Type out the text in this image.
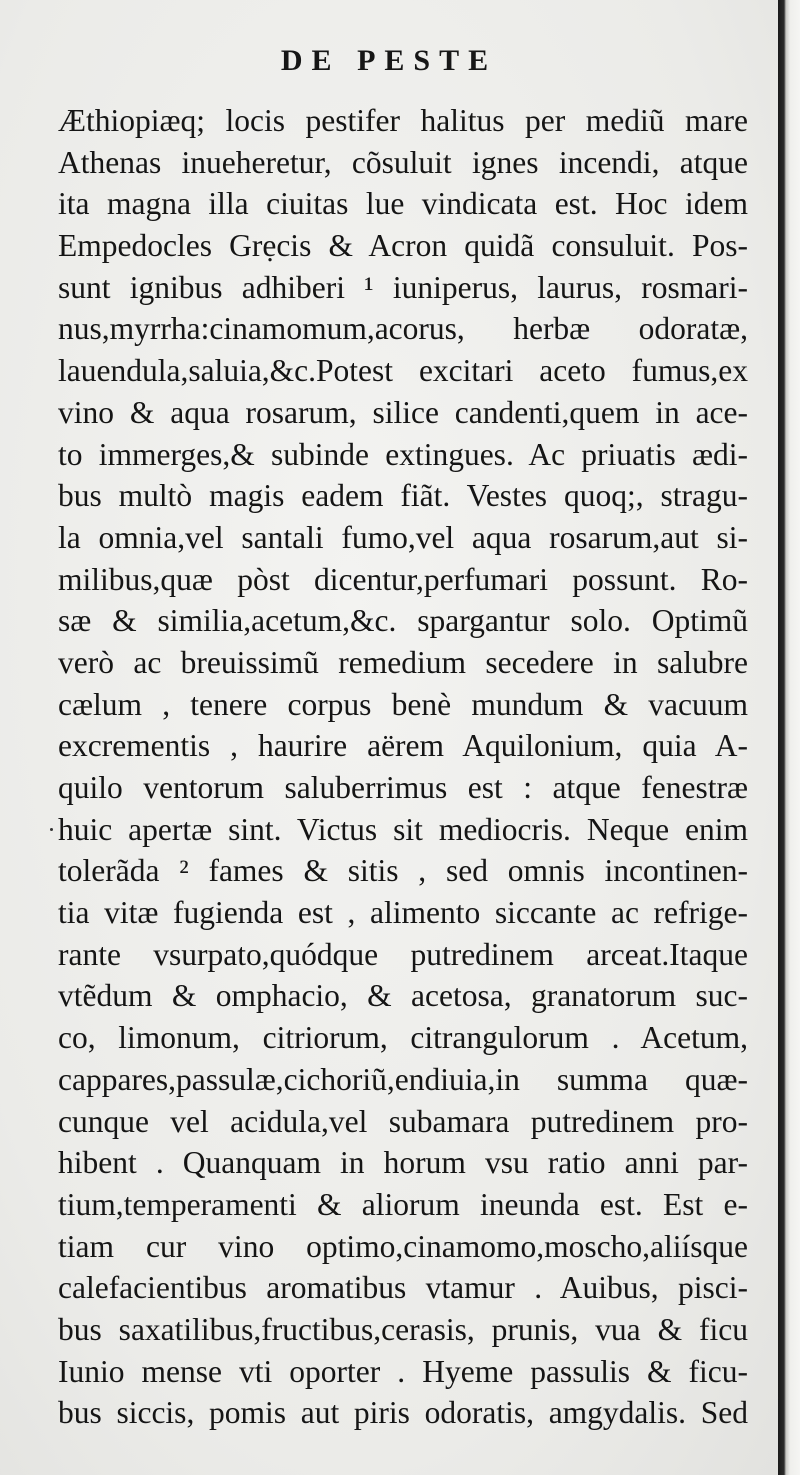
DE PESTE
Æthiopiæq; locis pestifer halitus per mediũ mare
Athenas inueheretur, cõsuluit ignes incendi, atque
ita magna illa ciuitas lue vindicata est. Hoc idem
Empedocles Grẹcis & Acron quidã consuluit. Pos-
sunt ignibus adhiberi ¹ iuniperus, laurus, rosmari-
nus,myrrha:cinamomum,acorus, herbæ odoratæ,
lauendula,saluia,&c.Potest excitari aceto fumus,ex
vino & aqua rosarum, silice candenti,quem in ace-
to immerges,& subinde extingues. Ac priuatis ædi-
bus multò magis eadem fiãt. Vestes quoq;, stragu-
la omnia,vel santali fumo,vel aqua rosarum,aut si-
milibus,quæ pòst dicentur,perfumari possunt. Ro-
sæ & similia,acetum,&c. spargantur solo. Optimũ
verò ac breuissimũ remedium secedere in salubre
cælum , tenere corpus benè mundum & vacuum
excrementis , haurire aërem Aquilonium, quia A-
quilo ventorum saluberrimus est : atque fenestræ
huic apertæ sint. Victus sit mediocris. Neque enim
tolerãda ² fames & sitis , sed omnis incontinen-
tia vitæ fugienda est , alimento siccante ac refrige-
rante vsurpato,quódque putredinem arceat.Itaque
vtẽdum & omphacio, & acetosa, granatorum suc-
co, limonum, citriorum, citrangulorum . Acetum,
cappares,passulæ,cichoriũ,endiuia,in summa quæ-
cunque vel acidula,vel subamara putredinem pro-
hibent . Quanquam in horum vsu ratio anni par-
tium,temperamenti & aliorum ineunda est. Est e-
tiam cur vino optimo,cinamomo,moscho,aliísque
calefacientibus aromatibus vtamur . Auibus, pisci-
bus saxatilibus,fructibus,cerasis, prunis, vua & ficu
Iunio mense vti oporter . Hyeme passulis & ficu-
bus siccis, pomis aut piris odoratis, amgydalis. Sed
